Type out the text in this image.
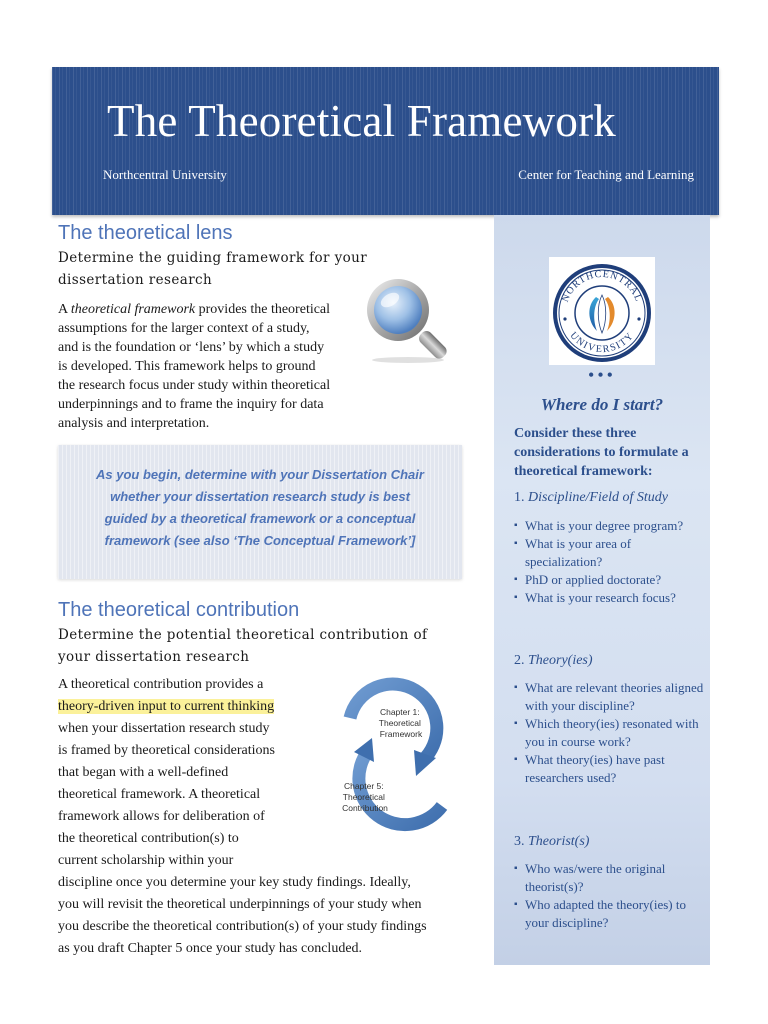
The Theoretical Framework
Northcentral University	Center for Teaching and Learning
The theoretical lens
Determine the guiding framework for your dissertation research
A theoretical framework provides the theoretical
assumptions for the larger context of a study,
and is the foundation or ‘lens’ by which a study
is developed. This framework helps to ground
the research focus under study within theoretical
underpinnings and to frame the inquiry for data
analysis and interpretation.
As you begin, determine with your Dissertation Chair
whether your dissertation research study is best
guided by a theoretical framework or a conceptual
framework (see also ‘The Conceptual Framework’]
The theoretical contribution
Determine the potential theoretical contribution of your dissertation research
A theoretical contribution provides a
theory-driven input to current thinking
when your dissertation research study
is framed by theoretical considerations
that began with a well-defined
theoretical framework. A theoretical
framework allows for deliberation of
the theoretical contribution(s) to
current scholarship within your
discipline once you determine your key study findings. Ideally,
you will revisit the theoretical underpinnings of your study when
you describe the theoretical contribution(s) of your study findings
as you draft Chapter 5 once your study has concluded.
Chapter 1: Theoretical Framework
Chapter 5: Theoretical Contribution
NORTHCENTRAL
UNIVERSITY
•••
Where do I start?
Consider these three considerations to formulate a theoretical framework:
1. Discipline/Field of Study
▪ What is your degree program?
▪ What is your area of specialization?
▪ PhD or applied doctorate?
▪ What is your research focus?
2. Theory(ies)
▪ What are relevant theories aligned with your discipline?
▪ Which theory(ies) resonated with you in course work?
▪ What theory(ies) have past researchers used?
3. Theorist(s)
▪ Who was/were the original theorist(s)?
▪ Who adapted the theory(ies) to your discipline?
